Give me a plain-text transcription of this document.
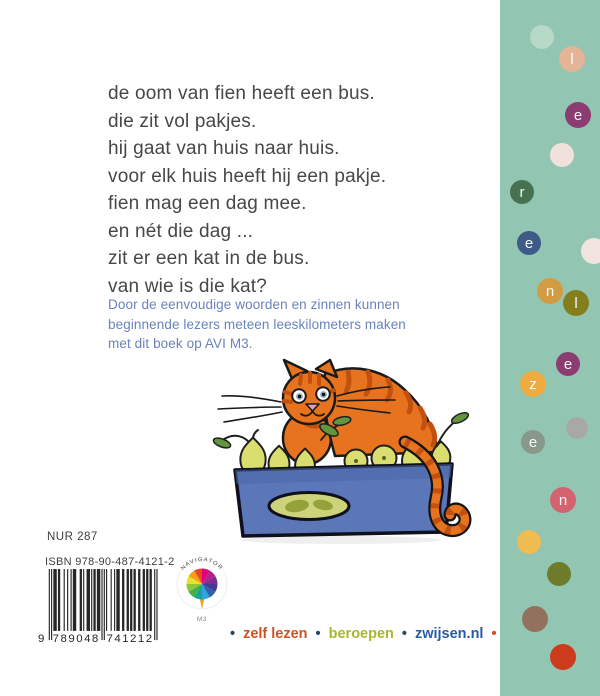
de oom van fien heeft een bus.
die zit vol pakjes.
hij gaat van huis naar huis.
voor elk huis heeft hij een pakje.
fien mag een dag mee.
en nét die dag ...
zit er een kat in de bus.
van wie is die kat?
Door de eenvoudige woorden en zinnen kunnen
beginnende lezers meteen leeskilometers maken
met dit boek op AVI M3.
NUR 287
ISBN 978-90-487-4121-2
9 789048 741212
NAVIGATOR
M3
• zelf lezen • beroepen • zwijsen.nl •
l
e
r
e
n
l
e
z
e
n
